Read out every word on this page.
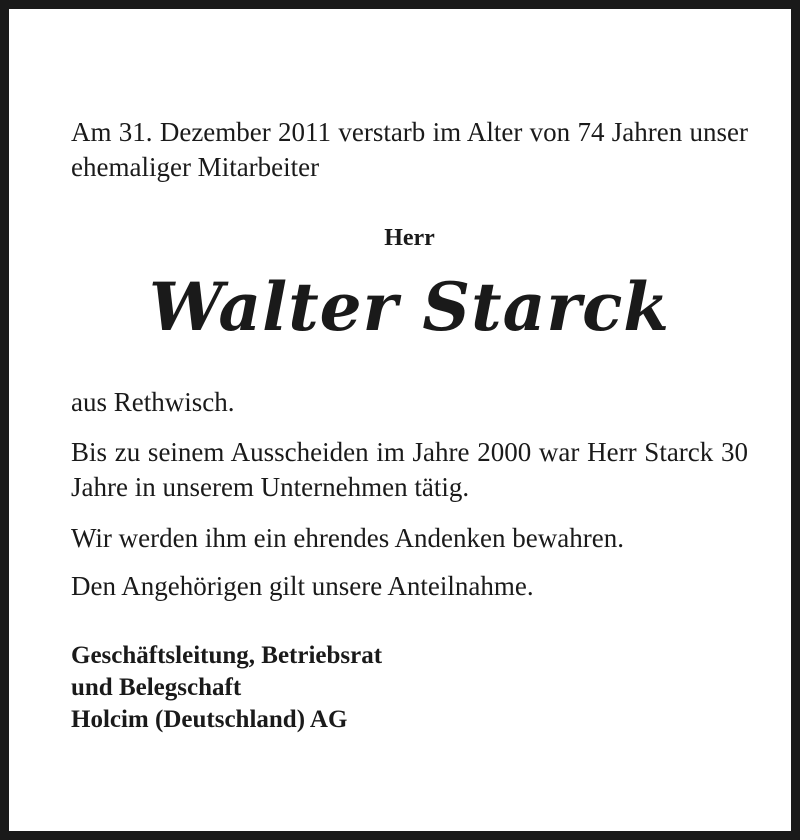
Am 31. Dezember 2011 verstarb im Alter von 74 Jahren unser ehemaliger Mitarbeiter

Herr

Walter Starck

aus Rethwisch.

Bis zu seinem Ausscheiden im Jahre 2000 war Herr Starck 30 Jahre in unserem Unternehmen tätig.

Wir werden ihm ein ehrendes Andenken bewahren.

Den Angehörigen gilt unsere Anteilnahme.

Geschäftsleitung, Betriebsrat
und Belegschaft
Holcim (Deutschland) AG
